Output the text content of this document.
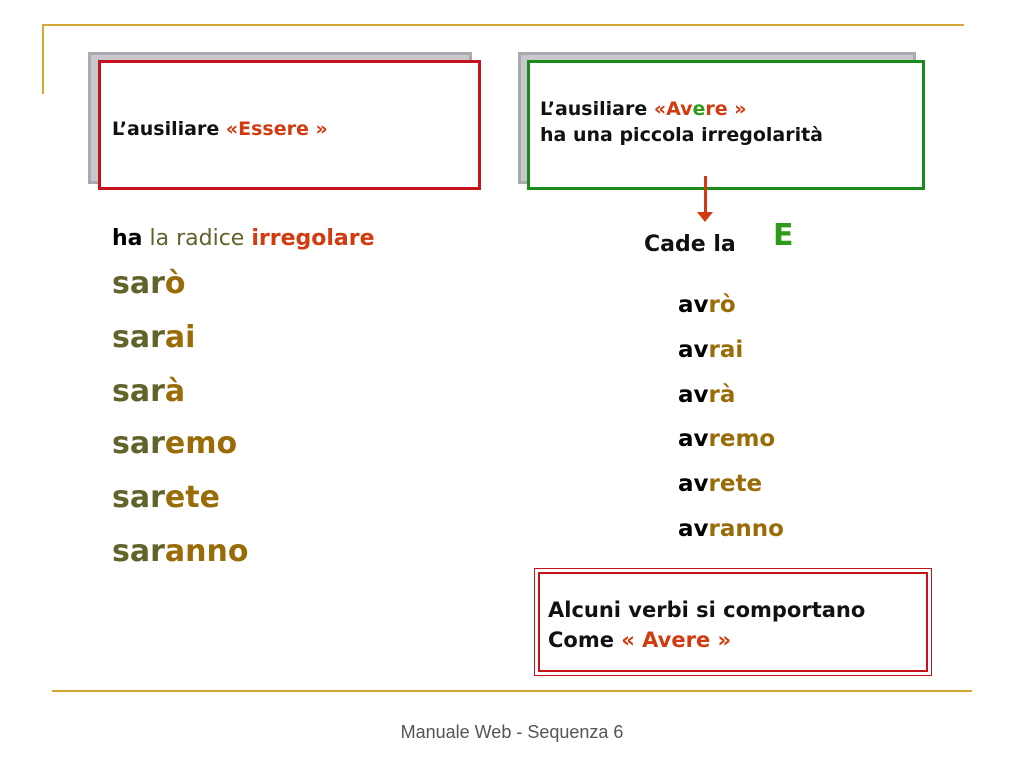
L’ausiliare «Essere »
L’ausiliare «Avere »
ha una piccola irregolarità
ha la radice irregolare
sarò
sarai
sarà
saremo
sarete
saranno
Cade la E
avrò
avrai
avrà
avremo
avrete
avranno
Alcuni verbi si comportano
Come « Avere »
Manuale Web - Sequenza 6
